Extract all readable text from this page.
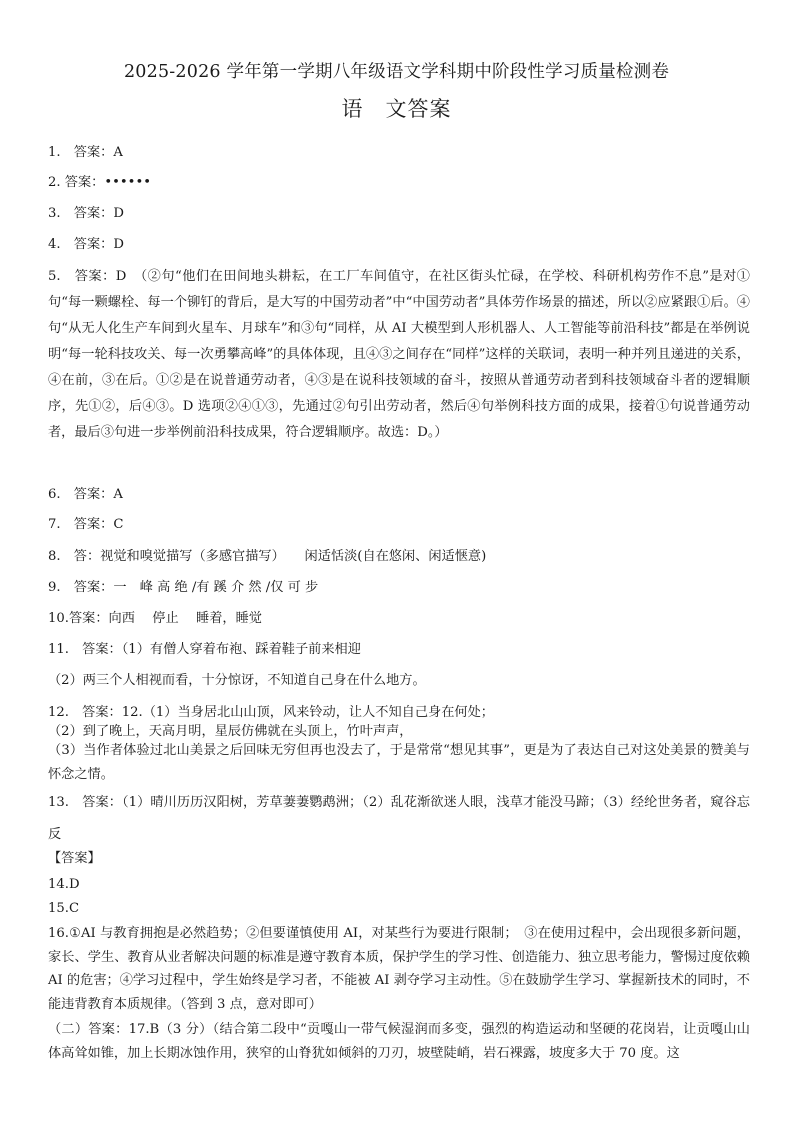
2025-2026 学年第一学期八年级语文学科期中阶段性学习质量检测卷
语　文答案
1.　答案：A
2. 答案：••••••
3.　答案：D
4.　答案：D
5.　答案：D　（②句“他们在田间地头耕耘，在工厂车间值守，在社区街头忙碌，在学校、科研机构劳作不息”是对①句“每一颗螺栓、每一个铆钉的背后，是大写的中国劳动者”中“中国劳动者”具体劳作场景的描述，所以②应紧跟①后。④句“从无人化生产车间到火星车、月球车”和③句“同样，从 AI 大模型到人形机器人、人工智能等前沿科技”都是在举例说明“每一轮科技攻关、每一次勇攀高峰”的具体体现，且④③之间存在“同样”这样的关联词，表明一种并列且递进的关系，④在前，③在后。①②是在说普通劳动者，④③是在说科技领域的奋斗，按照从普通劳动者到科技领域奋斗者的逻辑顺序，先①②，后④③。D 选项②④①③，先通过②句引出劳动者，然后④句举例科技方面的成果，接着①句说普通劳动者，最后③句进一步举例前沿科技成果，符合逻辑顺序。故选：D。）
6.　答案：A
7.　答案：C
8.　答：视觉和嗅觉描写（多感官描写）　　闲适恬淡(自在悠闲、闲适惬意)
9.　答案：一　峰 高 绝 /有 蹊 介 然 /仅 可 步
10.答案：向西　 停止　 睡着，睡觉
11.　答案：（1）有僧人穿着布袍、踩着鞋子前来相迎
（2）两三个人相视而看，十分惊讶，不知道自己身在什么地方。
12.　答案：12.（1）当身居北山山顶，风来铃动，让人不知自己身在何处；
（2）到了晚上，天高月明，星辰仿佛就在头顶上，竹叶声声，
（3）当作者体验过北山美景之后回味无穷但再也没去了，于是常常“想见其事”，更是为了表达自己对这处美景的赞美与怀念之情。
13.　答案：（1）晴川历历汉阳树，芳草萋萋鹦鹉洲；（2）乱花渐欲迷人眼，浅草才能没马蹄；（3）经纶世务者，窥谷忘反
【答案】
14.D
15.C
16.①AI 与教育拥抱是必然趋势；②但要谨慎使用 AI，对某些行为要进行限制；　③在使用过程中，会出现很多新问题，家长、学生、教育从业者解决问题的标准是遵守教育本质，保护学生的学习性、创造能力、独立思考能力，警惕过度依赖 AI 的危害；④学习过程中，学生始终是学习者，不能被 AI 剥夺学习主动性。⑤在鼓励学生学习、掌握新技术的同时，不能违背教育本质规律。（答到 3 点，意对即可）
（二）答案：17.B（3 分）（结合第二段中“贡嘎山一带气候湿润而多变，强烈的构造运动和坚硬的花岗岩，让贡嘎山山体高耸如锥，加上长期冰蚀作用，狭窄的山脊犹如倾斜的刀刃，坡壁陡峭，岩石裸露，坡度多大于 70 度。这
